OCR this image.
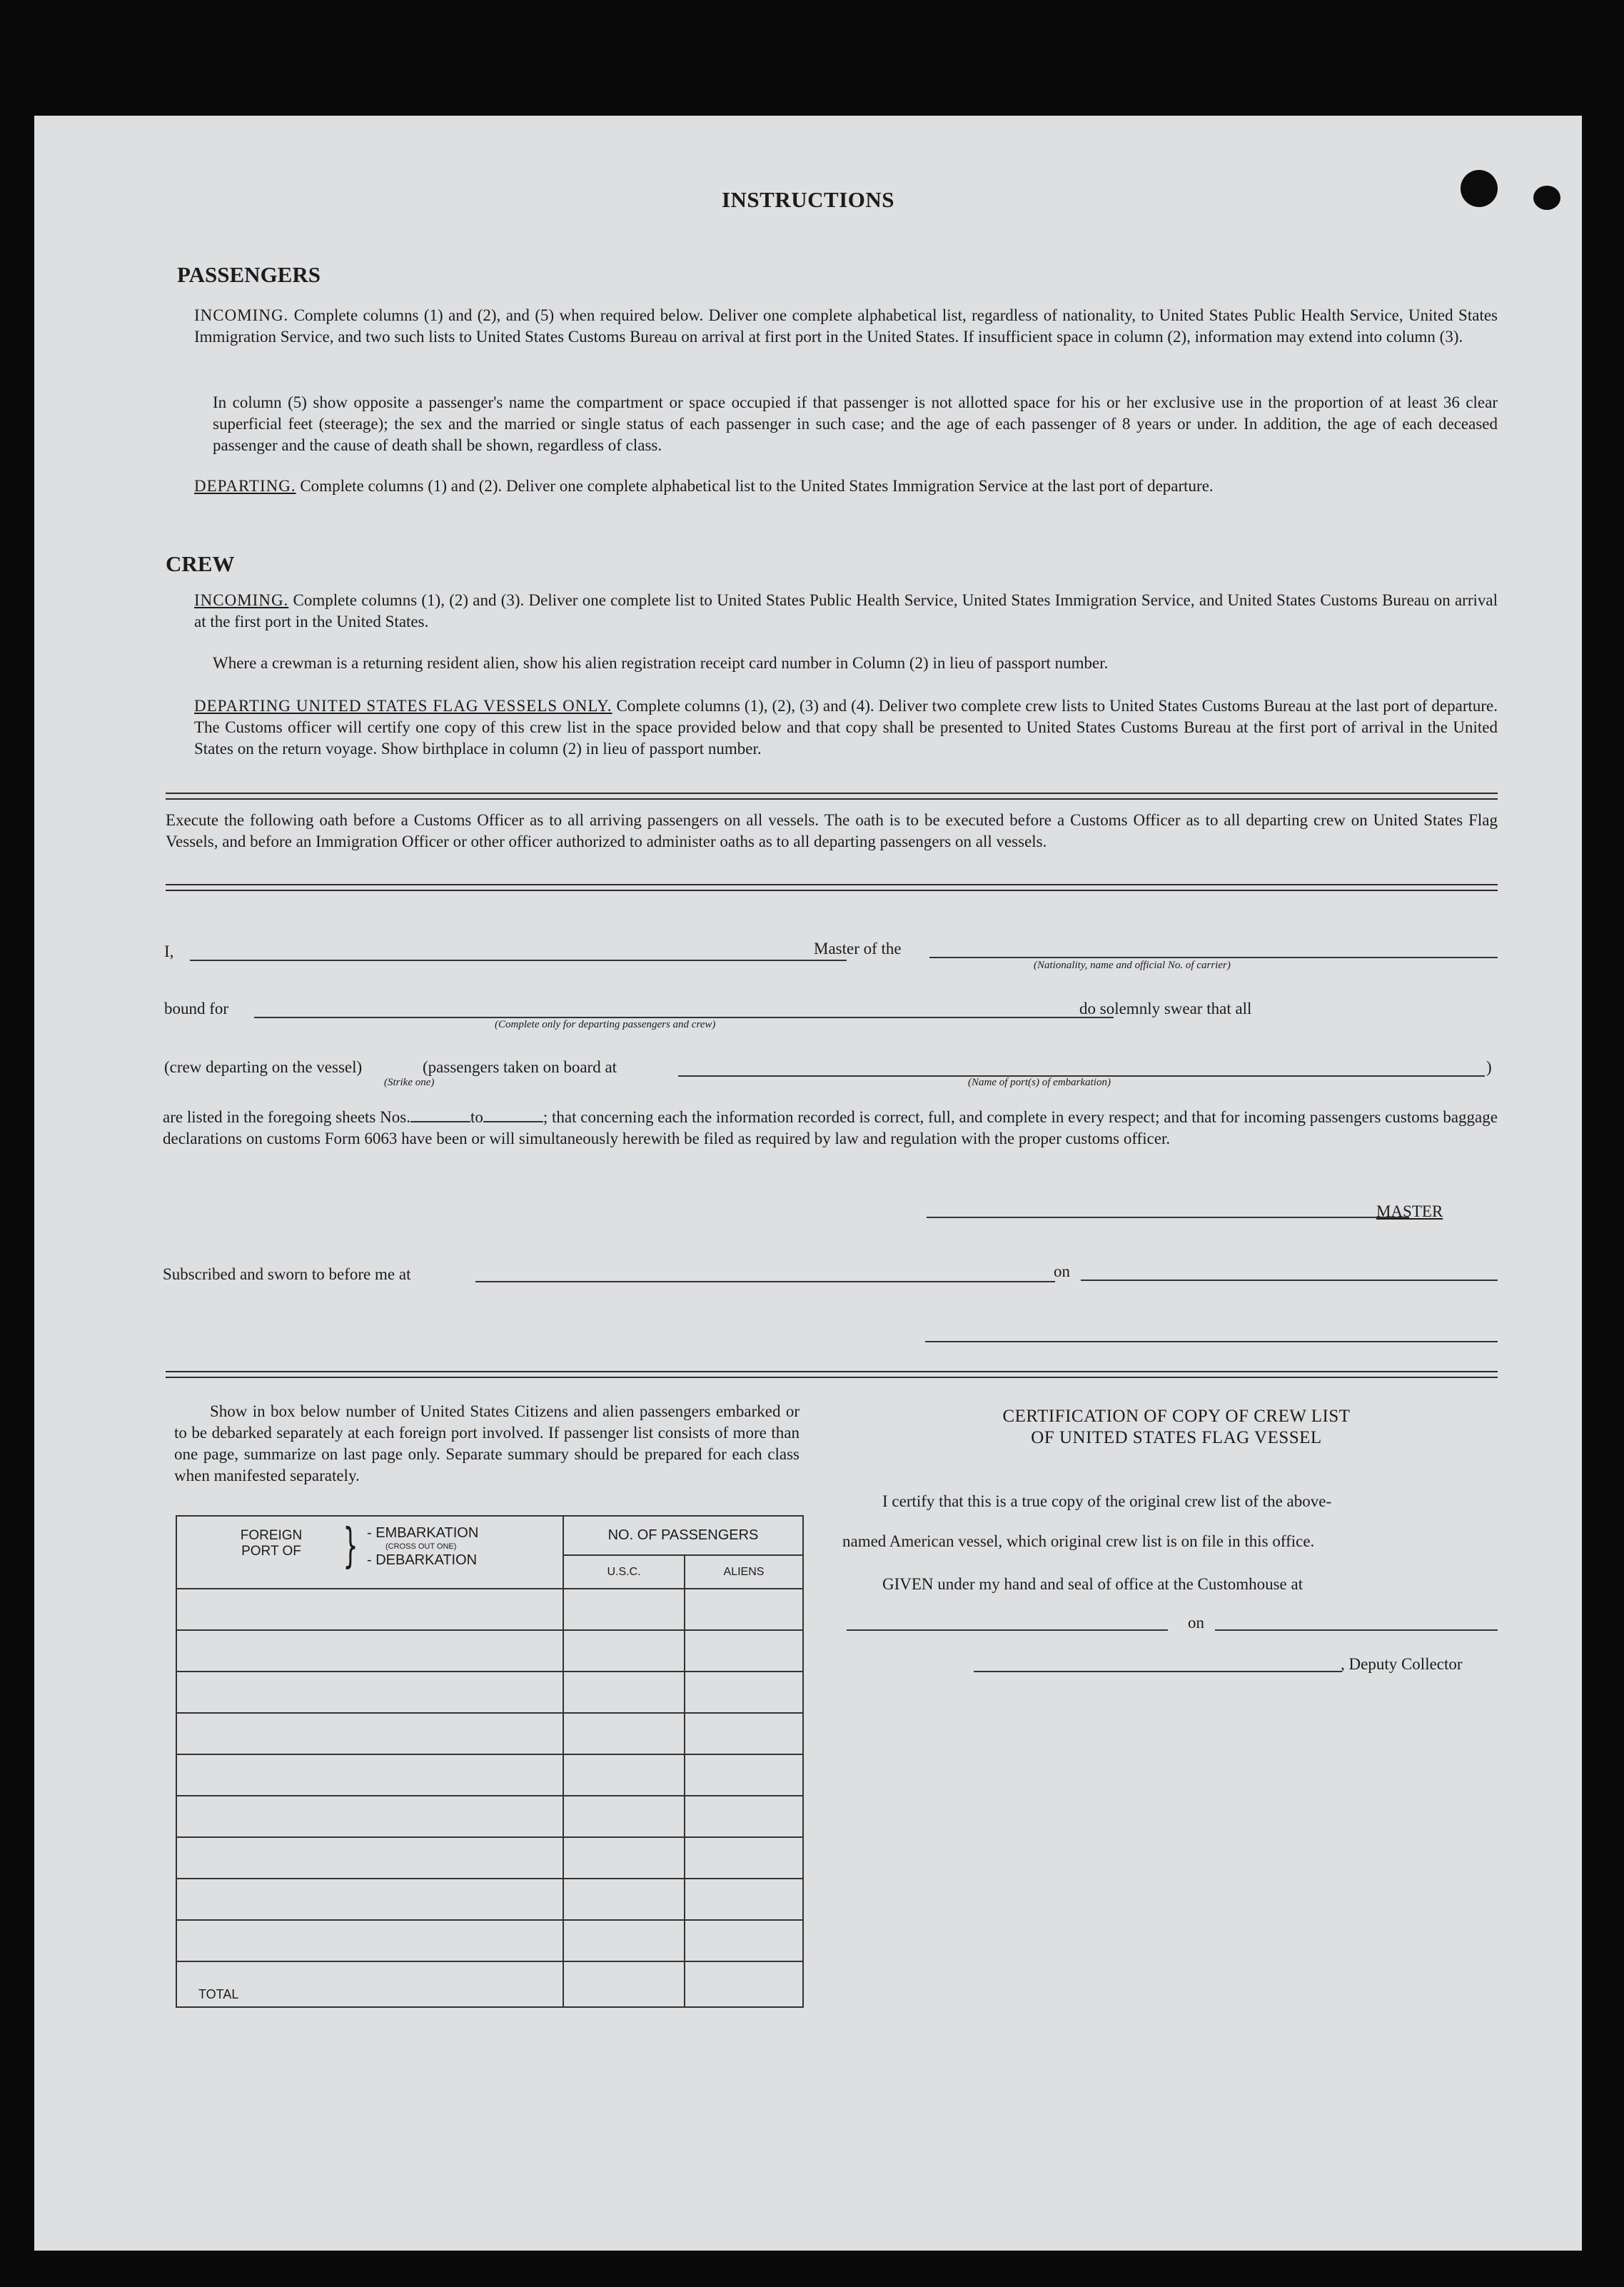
INSTRUCTIONS
PASSENGERS
INCOMING. Complete columns (1) and (2), and (5) when required below. Deliver one complete alphabetical list, regardless of nationality, to United States Public Health Service, United States Immigration Service, and two such lists to United States Customs Bureau on arrival at first port in the United States. If insufficient space in column (2), information may extend into column (3).
In column (5) show opposite a passenger's name the compartment or space occupied if that passenger is not allotted space for his or her exclusive use in the proportion of at least 36 clear superficial feet (steerage); the sex and the married or single status of each passenger in such case; and the age of each passenger of 8 years or under. In addition, the age of each deceased passenger and the cause of death shall be shown, regardless of class.
DEPARTING. Complete columns (1) and (2). Deliver one complete alphabetical list to the United States Immigration Service at the last port of departure.
CREW
INCOMING. Complete columns (1), (2) and (3). Deliver one complete list to United States Public Health Service, United States Immigration Service, and United States Customs Bureau on arrival at the first port in the United States.
Where a crewman is a returning resident alien, show his alien registration receipt card number in Column (2) in lieu of passport number.
DEPARTING UNITED STATES FLAG VESSELS ONLY. Complete columns (1), (2), (3) and (4). Deliver two complete crew lists to United States Customs Bureau at the last port of departure. The Customs officer will certify one copy of this crew list in the space provided below and that copy shall be presented to United States Customs Bureau at the first port of arrival in the United States on the return voyage. Show birthplace in column (2) in lieu of passport number.
Execute the following oath before a Customs Officer as to all arriving passengers on all vessels. The oath is to be executed before a Customs Officer as to all departing crew on United States Flag Vessels, and before an Immigration Officer or other officer authorized to administer oaths as to all departing passengers on all vessels.
I,	Master of the
(Nationality, name and official No. of carrier)
bound for	do solemnly swear that all
(Complete only for departing passengers and crew)
(crew departing on the vessel)
(Strike one)
(passengers taken on board at	)
(Name of port(s) of embarkation)
are listed in the foregoing sheets Nos.	to	; that concerning each the information recorded is correct, full, and complete in every respect; and that for incoming passengers customs baggage declarations on customs Form 6063 have been or will simultaneously herewith be filed as required by law and regulation with the proper customs officer.
MASTER
Subscribed and sworn to before me at	on
Show in box below number of United States Citizens and alien passengers embarked or to be debarked separately at each foreign port involved. If passenger list consists of more than one page, summarize on last page only. Separate summary should be prepared for each class when manifested separately.
FOREIGN PORT OF } - EMBARKATION
(CROSS OUT ONE)
- DEBARKATION	NO. OF PASSENGERS	
	U.S.C.	ALIENS

TOTAL		
CERTIFICATION OF COPY OF CREW LIST
OF UNITED STATES FLAG VESSEL
I certify that this is a true copy of the original crew list of the above-
named American vessel, which original crew list is on file in this office.
GIVEN under my hand and seal of office at the Customhouse at
on
, Deputy Collector
